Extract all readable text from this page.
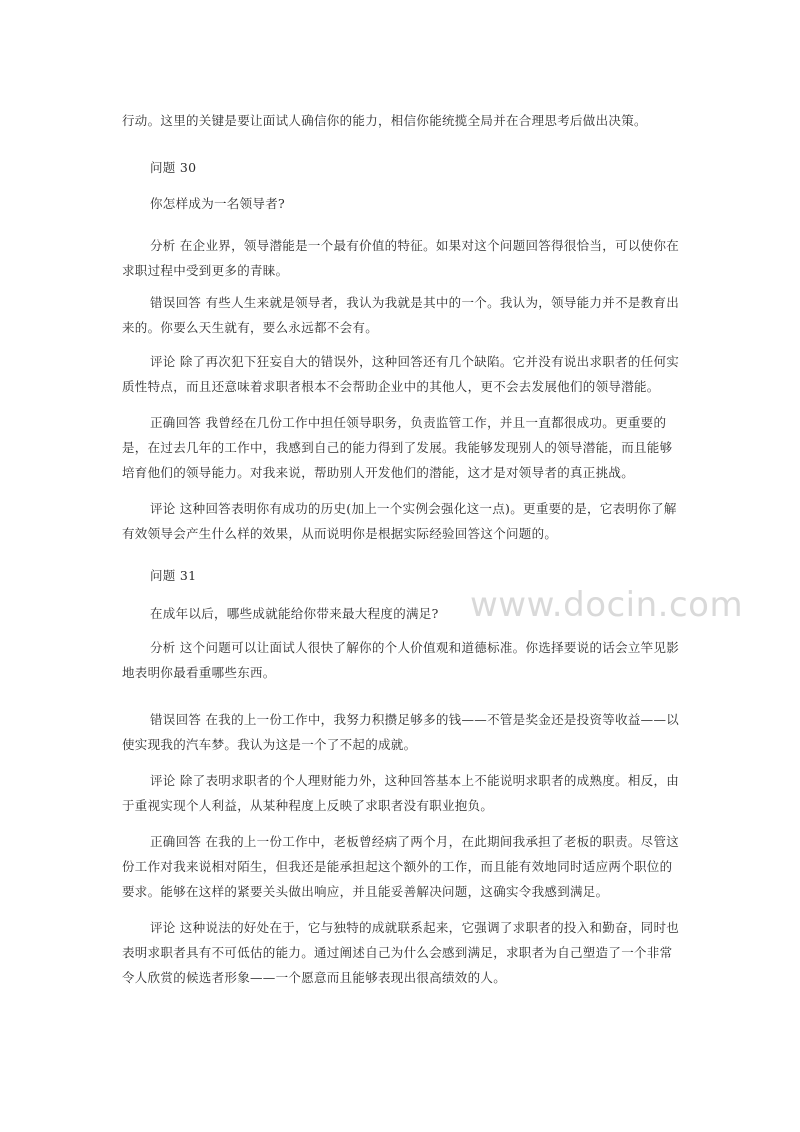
www.docin.com

行动。这里的关键是要让面试人确信你的能力，相信你能统揽全局并在合理思考后做出决策。

问题 30
你怎样成为一名领导者?

分析 在企业界，领导潜能是一个最有价值的特征。如果对这个问题回答得很恰当，可以使你在求职过程中受到更多的青睐。

错误回答 有些人生来就是领导者，我认为我就是其中的一个。我认为，领导能力并不是教育出来的。你要么天生就有，要么永远都不会有。

评论 除了再次犯下狂妄自大的错误外，这种回答还有几个缺陷。它并没有说出求职者的任何实质性特点，而且还意味着求职者根本不会帮助企业中的其他人，更不会去发展他们的领导潜能。

正确回答 我曾经在几份工作中担任领导职务，负责监管工作，并且一直都很成功。更重要的是，在过去几年的工作中，我感到自己的能力得到了发展。我能够发现别人的领导潜能，而且能够培育他们的领导能力。对我来说，帮助别人开发他们的潜能，这才是对领导者的真正挑战。

评论 这种回答表明你有成功的历史(加上一个实例会强化这一点)。更重要的是，它表明你了解有效领导会产生什么样的效果，从而说明你是根据实际经验回答这个问题的。

问题 31
在成年以后，哪些成就能给你带来最大程度的满足?

分析 这个问题可以让面试人很快了解你的个人价值观和道德标准。你选择要说的话会立竿见影地表明你最看重哪些东西。

错误回答 在我的上一份工作中，我努力积攒足够多的钱——不管是奖金还是投资等收益——以使实现我的汽车梦。我认为这是一个了不起的成就。

评论 除了表明求职者的个人理财能力外，这种回答基本上不能说明求职者的成熟度。相反，由于重视实现个人利益，从某种程度上反映了求职者没有职业抱负。

正确回答 在我的上一份工作中，老板曾经病了两个月，在此期间我承担了老板的职责。尽管这份工作对我来说相对陌生，但我还是能承担起这个额外的工作，而且能有效地同时适应两个职位的要求。能够在这样的紧要关头做出响应，并且能妥善解决问题，这确实令我感到满足。

评论 这种说法的好处在于，它与独特的成就联系起来，它强调了求职者的投入和勤奋，同时也表明求职者具有不可低估的能力。通过阐述自己为什么会感到满足，求职者为自己塑造了一个非常令人欣赏的候选者形象——一个愿意而且能够表现出很高绩效的人。
